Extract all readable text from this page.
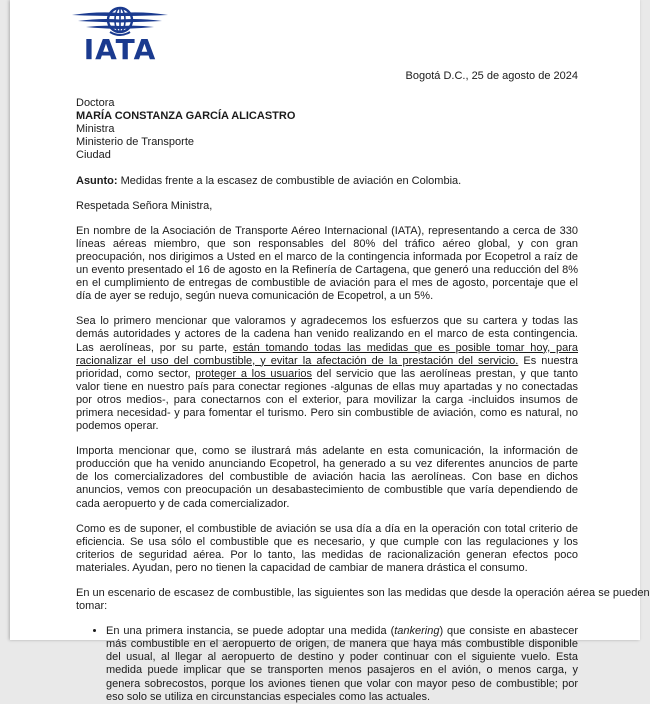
IATA
Bogotá D.C., 25 de agosto de 2024
Doctora
MARÍA CONSTANZA GARCÍA ALICASTRO
Ministra
Ministerio de Transporte
Ciudad

Asunto: Medidas frente a la escasez de combustible de aviación en Colombia.

Respetada Señora Ministra,

En nombre de la Asociación de Transporte Aéreo Internacional (IATA), representando a cerca de 330 líneas aéreas miembro, que son responsables del 80% del tráfico aéreo global, y con gran preocupación, nos dirigimos a Usted en el marco de la contingencia informada por Ecopetrol a raíz de un evento presentado el 16 de agosto en la Refinería de Cartagena, que generó una reducción del 8% en el cumplimiento de entregas de combustible de aviación para el mes de agosto, porcentaje que el día de ayer se redujo, según nueva comunicación de Ecopetrol, a un 5%.

Sea lo primero mencionar que valoramos y agradecemos los esfuerzos que su cartera y todas las demás autoridades y actores de la cadena han venido realizando en el marco de esta contingencia. Las aerolíneas, por su parte, están tomando todas las medidas que es posible tomar hoy, para racionalizar el uso del combustible, y evitar la afectación de la prestación del servicio. Es nuestra prioridad, como sector, proteger a los usuarios del servicio que las aerolíneas prestan, y que tanto valor tiene en nuestro país para conectar regiones -algunas de ellas muy apartadas y no conectadas por otros medios-, para conectarnos con el exterior, para movilizar la carga -incluidos insumos de primera necesidad- y para fomentar el turismo. Pero sin combustible de aviación, como es natural, no podemos operar.

Importa mencionar que, como se ilustrará más adelante en esta comunicación, la información de producción que ha venido anunciando Ecopetrol, ha generado a su vez diferentes anuncios de parte de los comercializadores del combustible de aviación hacia las aerolíneas. Con base en dichos anuncios, vemos con preocupación un desabastecimiento de combustible que varía dependiendo de cada aeropuerto y de cada comercializador.

Como es de suponer, el combustible de aviación se usa día a día en la operación con total criterio de eficiencia. Se usa sólo el combustible que es necesario, y que cumple con las regulaciones y los criterios de seguridad aérea. Por lo tanto, las medidas de racionalización generan efectos poco materiales. Ayudan, pero no tienen la capacidad de cambiar de manera drástica el consumo.

En un escenario de escasez de combustible, las siguientes son las medidas que desde la operación aérea se pueden
tomar:

• En una primera instancia, se puede adoptar una medida (tankering) que consiste en abastecer más combustible en el aeropuerto de origen, de manera que haya más combustible disponible del usual, al llegar al aeropuerto de destino y poder continuar con el siguiente vuelo. Esta medida puede implicar que se transporten menos pasajeros en el avión, o menos carga, y genera sobrecostos, porque los aviones tienen que volar con mayor peso de combustible; por eso solo se utiliza en circunstancias especiales como las actuales.
